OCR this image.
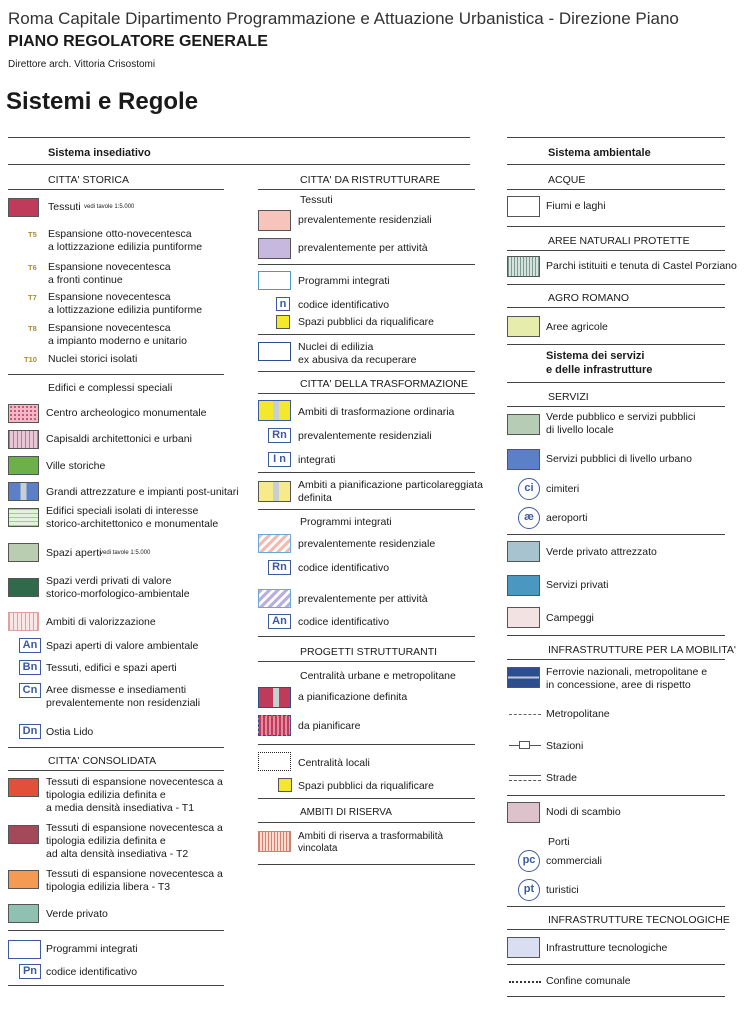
Roma Capitale Dipartimento Programmazione e Attuazione Urbanistica - Direzione Piano
PIANO REGOLATORE GENERALE
Direttore arch. Vittoria Crisostomi
Sistemi e Regole
Sistema insediativo
CITTA' STORICA
Tessuti vedi tavole 1:5.000
T5 Espansione otto-novecentesca
a lottizzazione edilizia puntiforme
T6 Espansione novecentesca
a fronti continue
T7 Espansione novecentesca
a lottizzazione edilizia puntiforme
T8 Espansione novecentesca
a impianto moderno e unitario
T10 Nuclei storici isolati
Edifici e complessi speciali
Centro archeologico monumentale
Capisaldi architettonici e urbani
Ville storiche
Grandi attrezzature e impianti post-unitari
Edifici speciali isolati di interesse
storico-architettonico e monumentale
Spazi aperti
vedi tavole 1:5.000
Spazi verdi privati di valore
storico-morfologico-ambientale
Ambiti di valorizzazione
An Spazi aperti di valore ambientale
Bn Tessuti, edifici e spazi aperti
Cn Aree dismesse e insediamenti
prevalentemente non residenziali
Dn Ostia Lido
CITTA' CONSOLIDATA
Tessuti di espansione novecentesca a
tipologia edilizia definita e
a media densità insediativa - T1
Tessuti di espansione novecentesca a
tipologia edilizia definita e
ad alta densità insediativa - T2
Tessuti di espansione novecentesca a
tipologia edilizia libera - T3
Verde privato
Programmi integrati
Pn codice identificativo
CITTA' DA RISTRUTTURARE
Tessuti
prevalentemente residenziali
prevalentemente per attività
Programmi integrati
n	codice identificativo
Spazi pubblici da riqualificare
Nuclei di edilizia
ex abusiva da recuperare
CITTA' DELLA TRASFORMAZIONE
Ambiti di trasformazione ordinaria
Rn	prevalentemente residenziali
I n	integrati
Ambiti a pianificazione particolareggiata
definita
Programmi integrati
prevalentemente residenziale
Rn	codice identificativo
prevalentemente per attività
An	codice identificativo
PROGETTI STRUTTURANTI
Centralità urbane e metropolitane
a pianificazione definita
da pianificare
Centralità locali
Spazi pubblici da riqualificare
AMBITI DI RISERVA
Ambiti di riserva a trasformabilità
vincolata
Sistema ambientale
ACQUE
Fiumi e laghi
AREE NATURALI PROTETTE
Parchi istituiti e tenuta di Castel Porziano
AGRO ROMANO
Aree agricole
Sistema dei servizi
e delle infrastrutture
SERVIZI
Verde pubblico e servizi pubblici
di livello locale
Servizi pubblici di livello urbano
ci	cimiteri
æ	aeroporti
Verde privato attrezzato
Servizi privati
Campeggi
INFRASTRUTTURE PER LA MOBILITA'
Ferrovie nazionali, metropolitane e
in concessione, aree di rispetto
Metropolitane
Stazioni
Strade
Nodi di scambio
Porti
pc	commerciali
pt	turistici
INFRASTRUTTURE TECNOLOGICHE
Infrastrutture tecnologiche
Confine comunale
